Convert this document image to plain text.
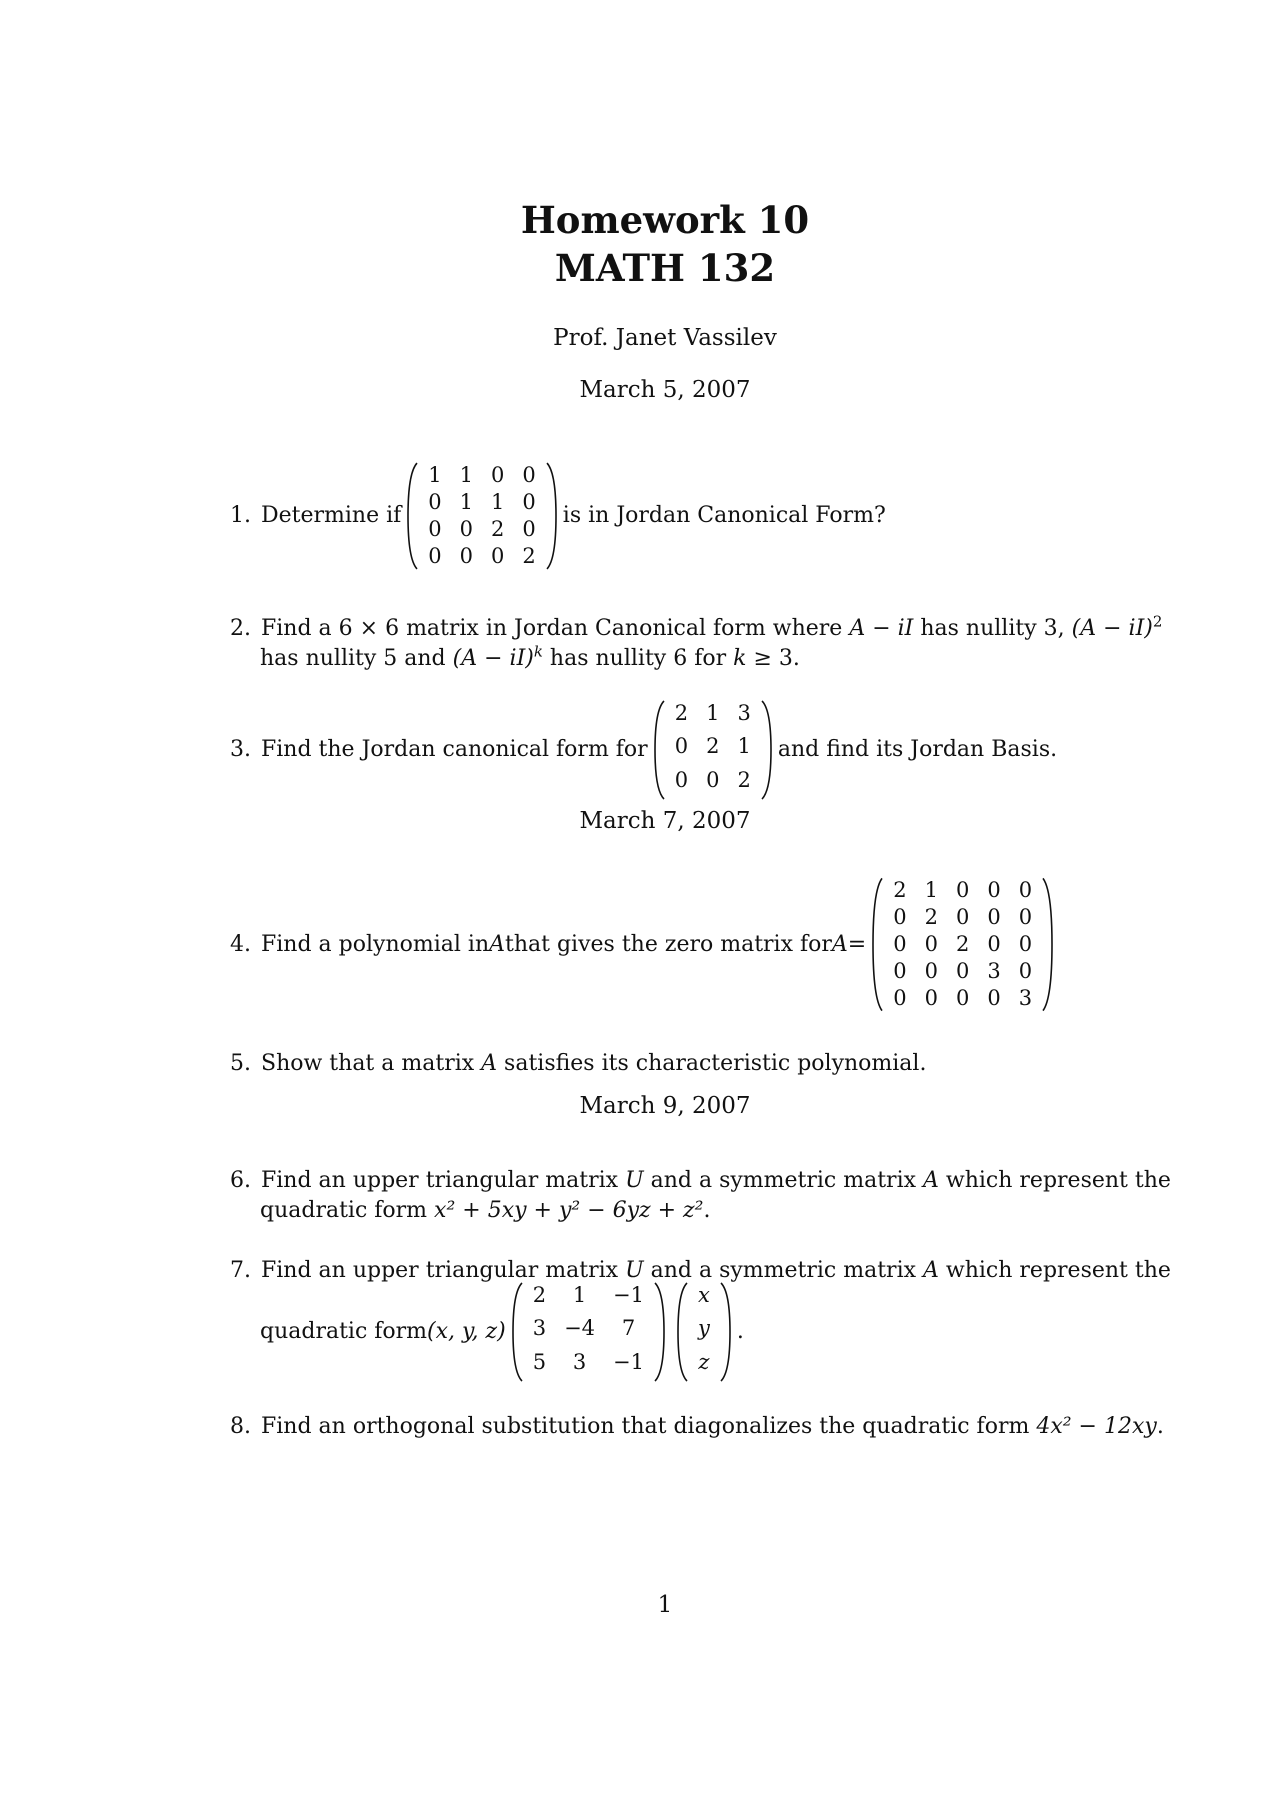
Homework 10
MATH 132
Prof. Janet Vassilev
March 5, 2007
1. Determine if
1 1 0 0
0 1 1 0
0 0 2 0
0 0 0 2
is in Jordan Canonical Form?
2. Find a 6 × 6 matrix in Jordan Canonical form where A − iI has nullity 3, (A − iI)$^2$
has nullity 5 and (A − iI)$^k$ has nullity 6 for k ≥ 3.
3. Find the Jordan canonical form for
2 1 3
0 2 1
0 0 2
and find its Jordan Basis.
March 7, 2007
4. Find a polynomial in A that gives the zero matrix for A =
2 1 0 0 0
0 2 0 0 0
0 0 2 0 0
0 0 0 3 0
0 0 0 0 3
5. Show that a matrix A satisfies its characteristic polynomial.
March 9, 2007
6. Find an upper triangular matrix U and a symmetric matrix A which represent the
quadratic form x² + 5xy + y² − 6yz + z².
7. Find an upper triangular matrix U and a symmetric matrix A which represent the
quadratic form (x, y, z)
2	1	−1
3 −4	7
5	3	−1
x
y
z
.
8. Find an orthogonal substitution that diagonalizes the quadratic form 4x² − 12xy.
1
